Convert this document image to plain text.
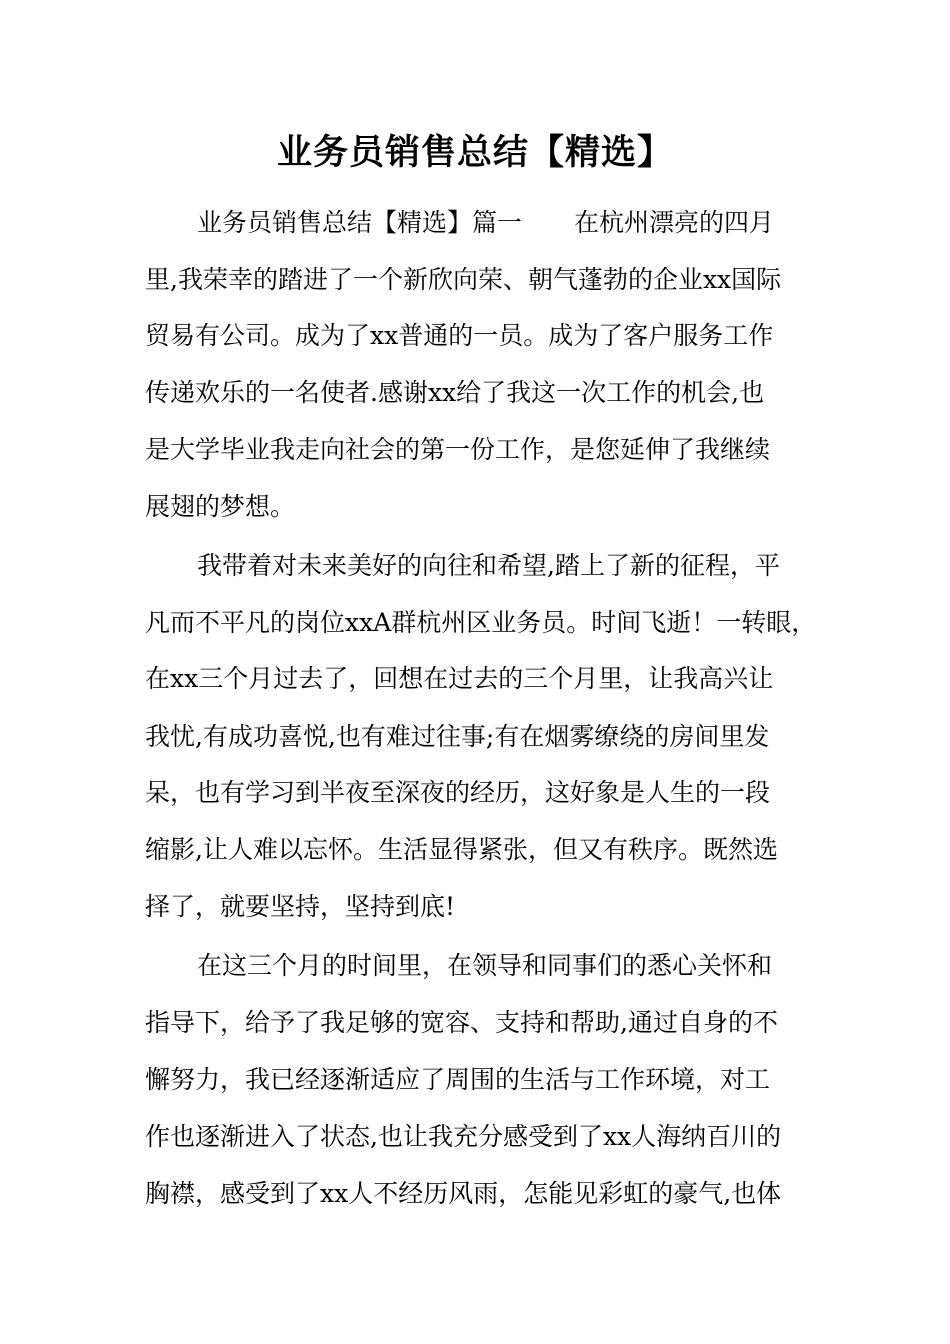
业务员销售总结【精选】

业务员销售总结【精选】篇一 在杭州漂亮的四月

里,我荣幸的踏进了一个新欣向荣、朝气蓬勃的企业xx国际

贸易有公司。成为了xx普通的一员。成为了客户服务工作

传递欢乐的一名使者.感谢xx给了我这一次工作的机会,也

是大学毕业我走向社会的第一份工作，是您延伸了我继续

展翅的梦想。

我带着对未来美好的向往和希望,踏上了新的征程，平

凡而不平凡的岗位xxA群杭州区业务员。时间飞逝！一转眼，

在xx三个月过去了，回想在过去的三个月里，让我高兴让

我忧,有成功喜悦,也有难过往事;有在烟雾缭绕的房间里发

呆，也有学习到半夜至深夜的经历，这好象是人生的一段

缩影,让人难以忘怀。生活显得紧张，但又有秩序。既然选

择了，就要坚持，坚持到底!

在这三个月的时间里，在领导和同事们的悉心关怀和

指导下，给予了我足够的宽容、支持和帮助,通过自身的不

懈努力，我已经逐渐适应了周围的生活与工作环境，对工

作也逐渐进入了状态,也让我充分感受到了xx人海纳百川的

胸襟，感受到了xx人不经历风雨，怎能见彩虹的豪气,也体
